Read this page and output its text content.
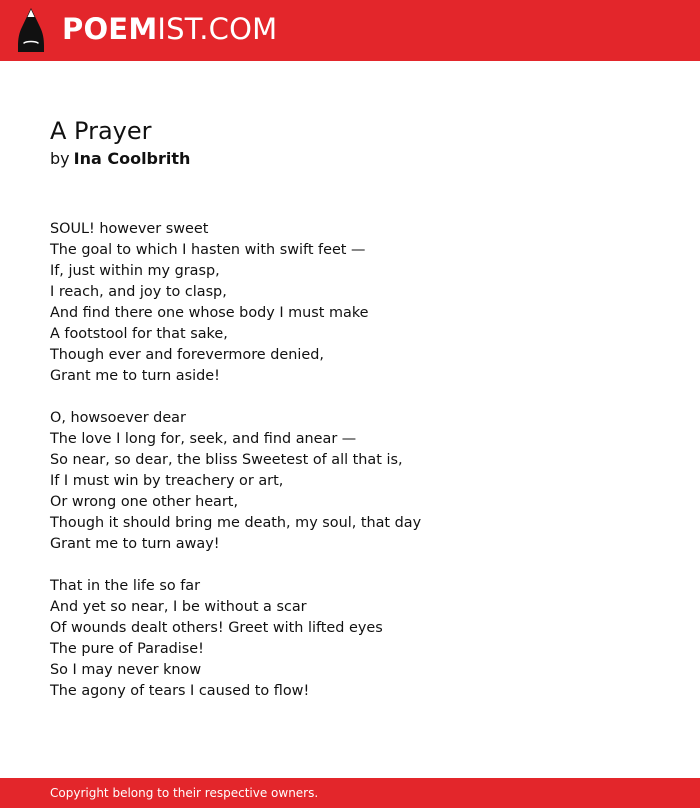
POEM IST.COM
A Prayer
by Ina Coolbrith
SOUL! however sweet
The goal to which I hasten with swift feet —
If, just within my grasp,
I reach, and joy to clasp,
And find there one whose body I must make
A footstool for that sake,
Though ever and forevermore denied,
Grant me to turn aside!
O, howsoever dear
The love I long for, seek, and find anear —
So near, so dear, the bliss Sweetest of all that is,
If I must win by treachery or art,
Or wrong one other heart,
Though it should bring me death, my soul, that day
Grant me to turn away!
That in the life so far
And yet so near, I be without a scar
Of wounds dealt others! Greet with lifted eyes
The pure of Paradise!
So I may never know
The agony of tears I caused to flow!
Copyright belong to their respective owners.
